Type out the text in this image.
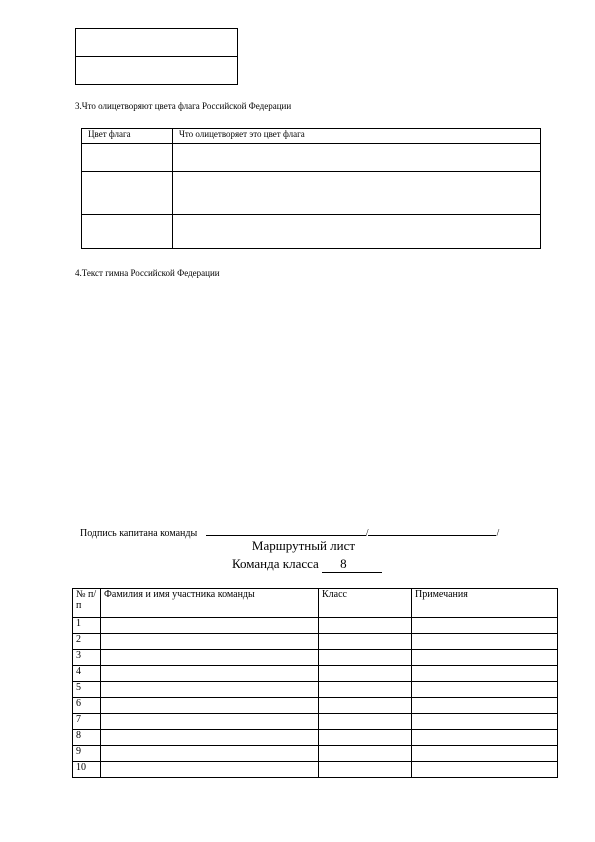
3.Что олицетворяют цвета флага Российской Федерации
Цвет флага	Что олицетворяет это цвет флага

4.Текст гимна Российской Федерации
Подпись капитана команды	/	/
Маршрутный лист
Команда класса 8
№ п/п	Фамилия и имя участника команды	Класс	Примечания
1			
2			
3			
4			
5			
6			
7			
8			
9			
10			
